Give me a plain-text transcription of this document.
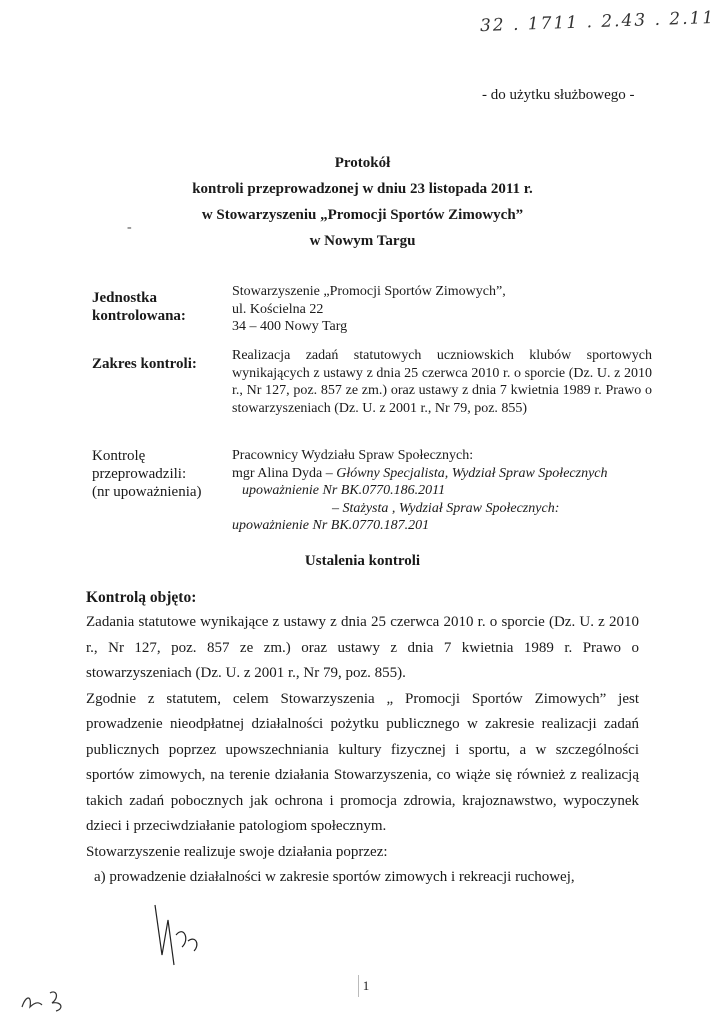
32 . 1711 . 2.43 . 2.11
- do użytku służbowego -
Protokół
kontroli przeprowadzonej w dniu 23 listopada 2011 r.
w Stowarzyszeniu „Promocji Sportów Zimowych”
w Nowym Targu
-
Jednostka
kontrolowana:
Stowarzyszenie „Promocji Sportów Zimowych”,
ul. Kościelna 22
34 – 400 Nowy Targ
Zakres kontroli:
Realizacja zadań statutowych uczniowskich klubów sportowych wynikających z ustawy z dnia 25 czerwca 2010 r. o sporcie (Dz. U. z 2010 r., Nr 127, poz. 857 ze zm.) oraz ustawy z dnia 7 kwietnia 1989 r. Prawo o stowarzyszeniach (Dz. U. z 2001 r., Nr 79, poz. 855)
Kontrolę
przeprowadzili:
(nr upoważnienia)
Pracownicy Wydziału Spraw Społecznych:
mgr Alina Dyda – Główny Specjalista, Wydział Spraw Społecznych
upoważnienie Nr BK.0770.186.2011
– Stażysta , Wydział Spraw Społecznych:
upoważnienie Nr BK.0770.187.201
Ustalenia kontroli
Kontrolą objęto:
Zadania statutowe wynikające z ustawy z dnia 25 czerwca 2010 r. o sporcie (Dz. U. z 2010 r., Nr 127, poz. 857 ze zm.) oraz ustawy z dnia 7 kwietnia 1989 r. Prawo o stowarzyszeniach (Dz. U. z 2001 r., Nr 79, poz. 855).
Zgodnie z statutem, celem Stowarzyszenia „ Promocji Sportów Zimowych” jest prowadzenie nieodpłatnej działalności pożytku publicznego w zakresie realizacji zadań publicznych poprzez upowszechniania kultury fizycznej i sportu, a w szczególności sportów zimowych, na terenie działania Stowarzyszenia, co wiąże się również z realizacją takich zadań pobocznych jak ochrona i promocja zdrowia, krajoznawstwo, wypoczynek dzieci i przeciwdziałanie patologiom społecznym.
Stowarzyszenie realizuje swoje działania poprzez:
a) prowadzenie działalności w zakresie sportów zimowych i rekreacji ruchowej,
1
